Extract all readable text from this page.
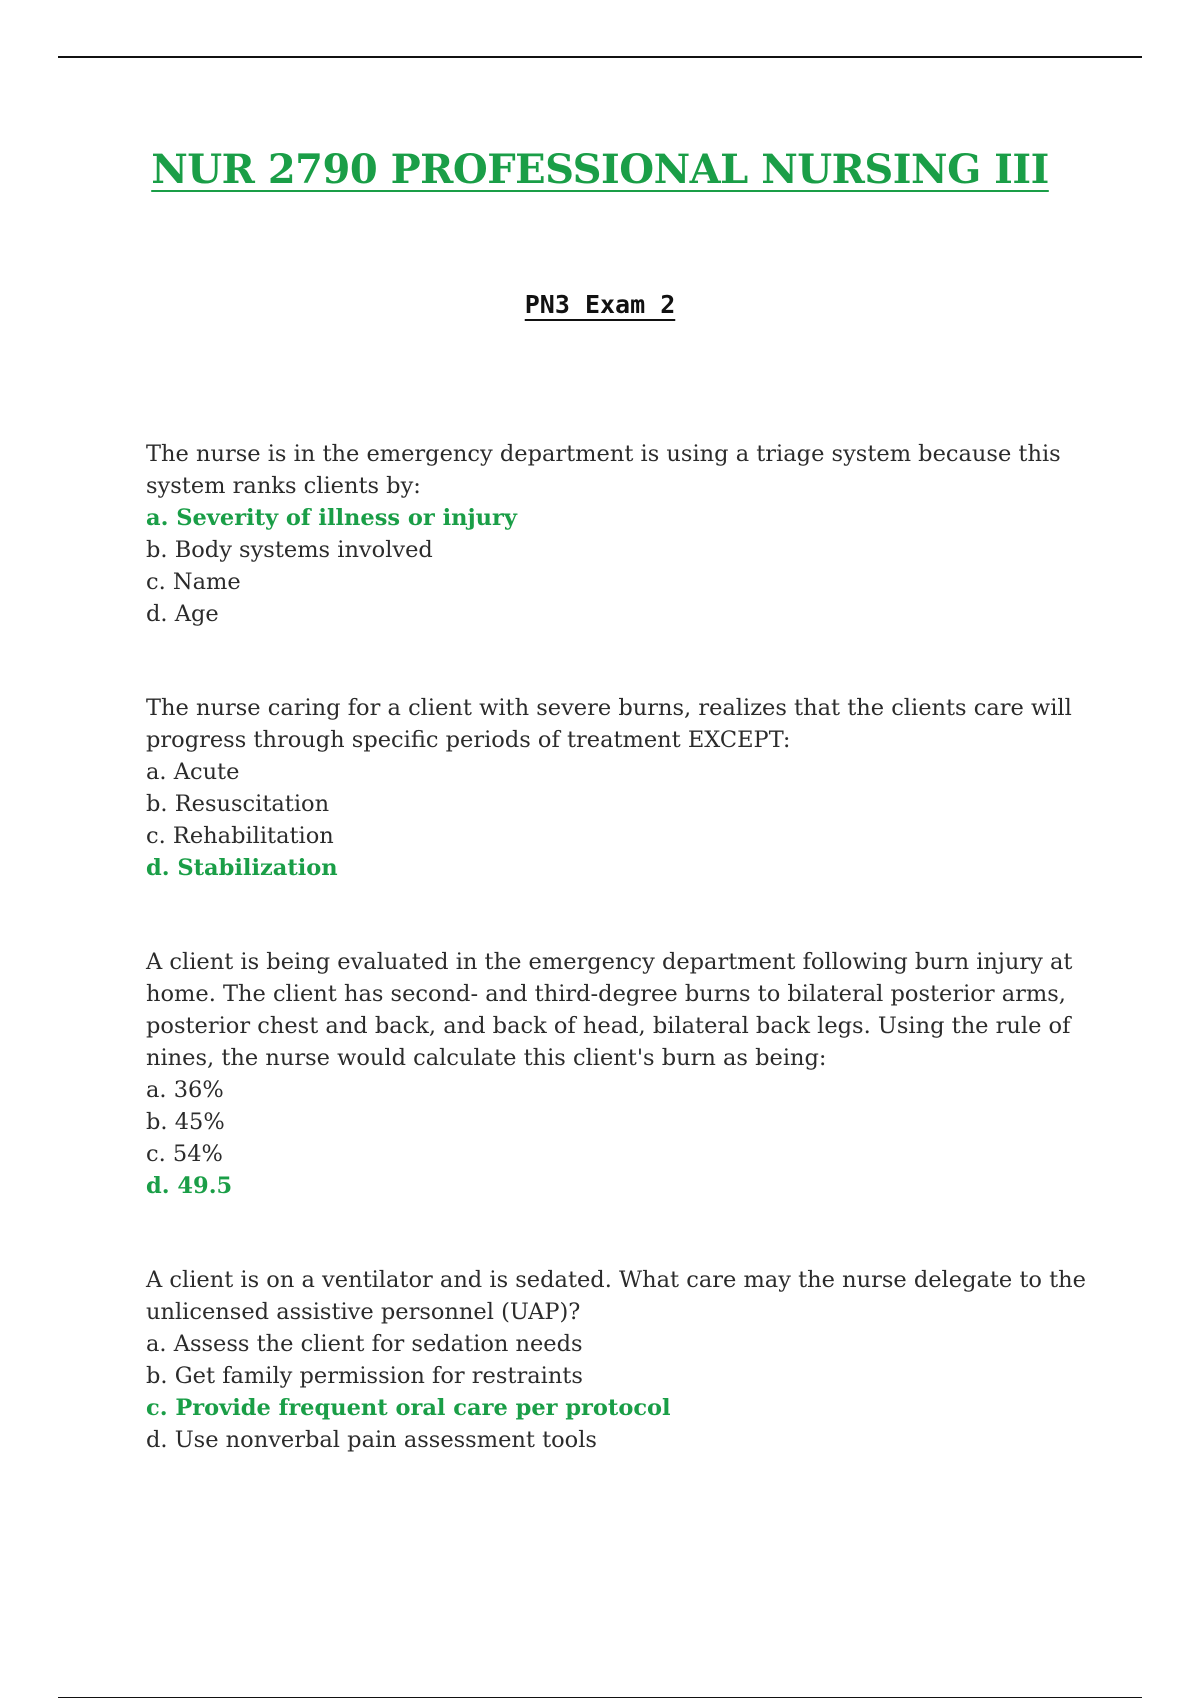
NUR 2790 PROFESSIONAL NURSING III
PN3 Exam 2

The nurse is in the emergency department is using a triage system because this system ranks clients by:

a. Severity of illness or injury
b. Body systems involved
c. Name
d. Age

The nurse caring for a client with severe burns, realizes that the clients care will progress through specific periods of treatment EXCEPT:

a. Acute
b. Resuscitation
c. Rehabilitation
d. Stabilization

A client is being evaluated in the emergency department following burn injury at home. The client has second- and third-degree burns to bilateral posterior arms, posterior chest and back, and back of head, bilateral back legs. Using the rule of nines, the nurse would calculate this client's burn as being:

a. 36%
b. 45%
c. 54%
d. 49.5

A client is on a ventilator and is sedated. What care may the nurse delegate to the unlicensed assistive personnel (UAP)?

a. Assess the client for sedation needs
b. Get family permission for restraints
c. Provide frequent oral care per protocol
d. Use nonverbal pain assessment tools
